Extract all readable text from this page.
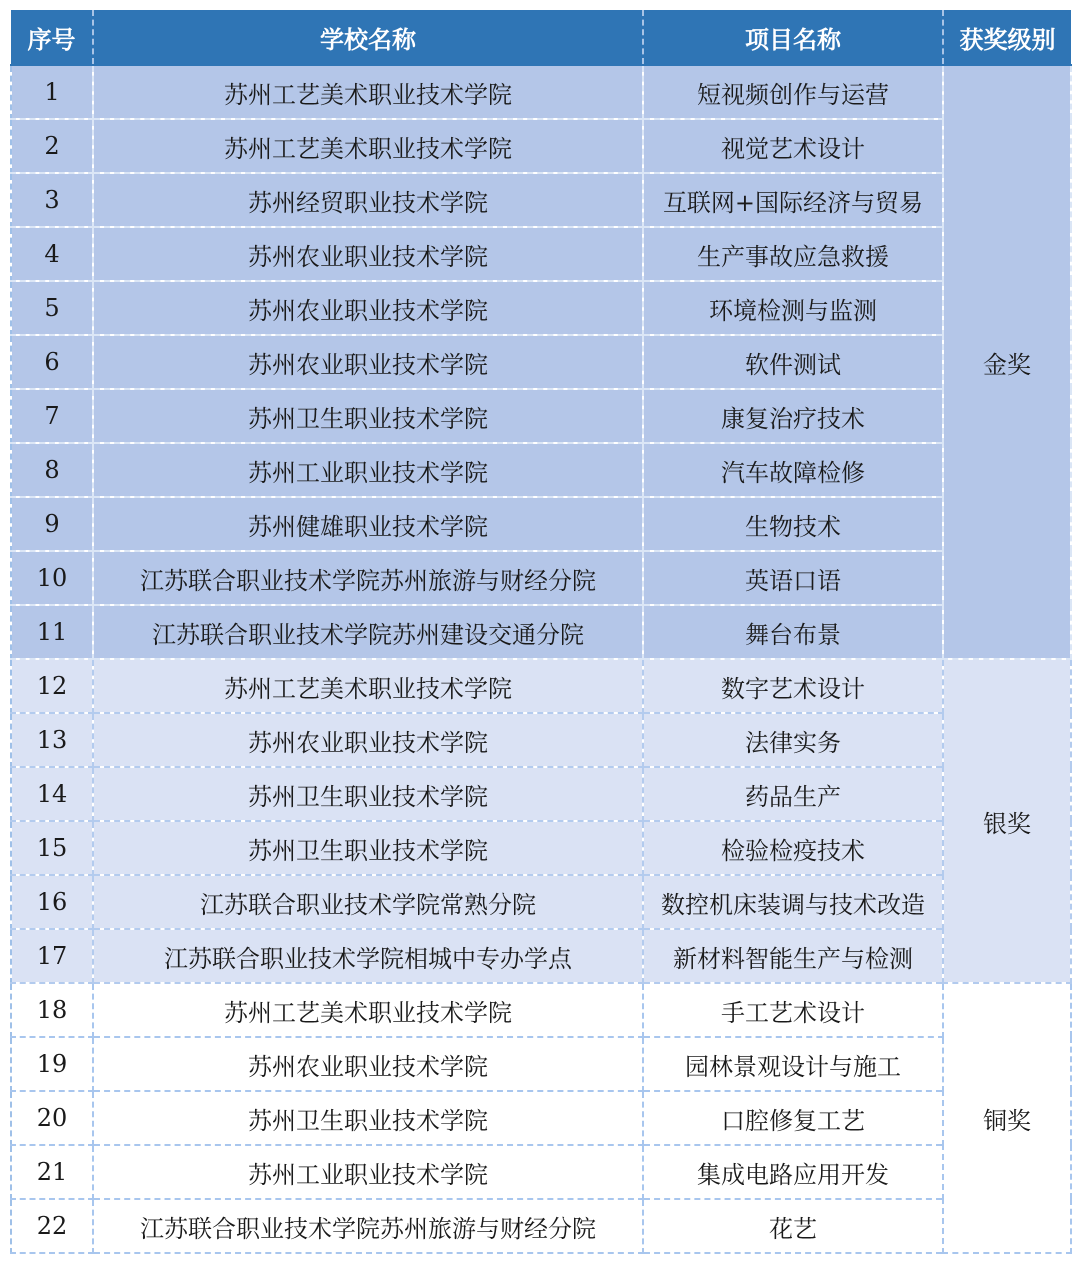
序号	学校名称	项目名称	获奖级别
1	苏州工艺美术职业技术学院	短视频创作与运营	金奖
2	苏州工艺美术职业技术学院	视觉艺术设计	
3	苏州经贸职业技术学院	互联网+国际经济与贸易	
4	苏州农业职业技术学院	生产事故应急救援	
5	苏州农业职业技术学院	环境检测与监测	
6	苏州农业职业技术学院	软件测试	
7	苏州卫生职业技术学院	康复治疗技术	
8	苏州工业职业技术学院	汽车故障检修	
9	苏州健雄职业技术学院	生物技术	
10	江苏联合职业技术学院苏州旅游与财经分院	英语口语	
11	江苏联合职业技术学院苏州建设交通分院	舞台布景	
12	苏州工艺美术职业技术学院	数字艺术设计	银奖
13	苏州农业职业技术学院	法律实务	
14	苏州卫生职业技术学院	药品生产	
15	苏州卫生职业技术学院	检验检疫技术	
16	江苏联合职业技术学院常熟分院	数控机床装调与技术改造	
17	江苏联合职业技术学院相城中专办学点	新材料智能生产与检测	
18	苏州工艺美术职业技术学院	手工艺术设计	铜奖
19	苏州农业职业技术学院	园林景观设计与施工	
20	苏州卫生职业技术学院	口腔修复工艺	
21	苏州工业职业技术学院	集成电路应用开发	
22	江苏联合职业技术学院苏州旅游与财经分院	花艺	
